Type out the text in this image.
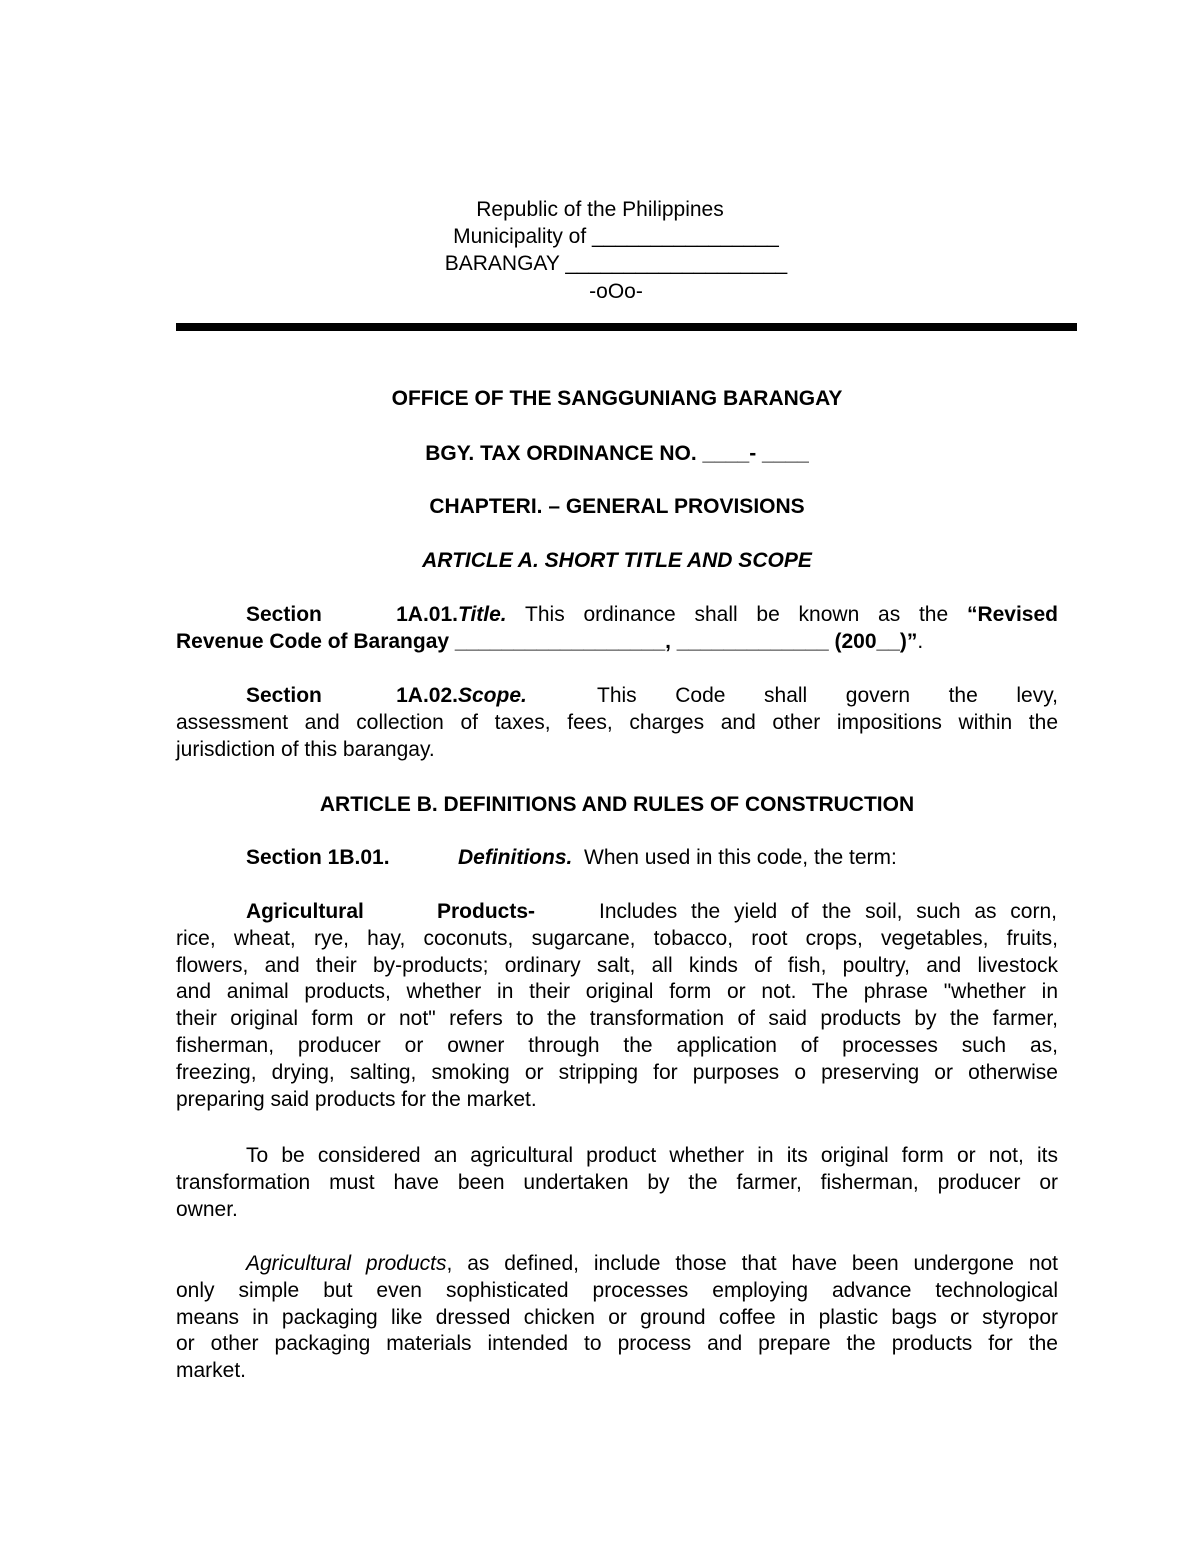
Republic of the Philippines
Municipality of ________________
BARANGAY ___________________
-oOo-
OFFICE OF THE SANGGUNIANG BARANGAY
BGY. TAX ORDINANCE NO. ____- ____
CHAPTERI. – GENERAL PROVISIONS
ARTICLE A. SHORT TITLE AND SCOPE
Section 1A.01.Title. This ordinance shall be known as the “Revised
Revenue Code of Barangay __________________, _____________ (200__)”.
Section 1A.02.Scope.	This Code shall govern the levy,
assessment and collection of taxes, fees, charges and other impositions within the
jurisdiction of this barangay.
ARTICLE B. DEFINITIONS AND RULES OF CONSTRUCTION
Section 1B.01.	Definitions. When used in this code, the term:
Agricultural Products-	Includes the yield of the soil, such as corn,
rice, wheat, rye, hay, coconuts, sugarcane, tobacco, root crops, vegetables, fruits,
flowers, and their by-products; ordinary salt, all kinds of fish, poultry, and livestock
and animal products, whether in their original form or not. The phrase "whether in
their original form or not" refers to the transformation of said products by the farmer,
fisherman, producer or owner through the application of processes such as,
freezing, drying, salting, smoking or stripping for purposes o preserving or otherwise
preparing said products for the market.
To be considered an agricultural product whether in its original form or not, its
transformation must have been undertaken by the farmer, fisherman, producer or
owner.
Agricultural products, as defined, include those that have been undergone not
only simple but even sophisticated processes employing advance technological
means in packaging like dressed chicken or ground coffee in plastic bags or styropor
or other packaging materials intended to process and prepare the products for the
market.
